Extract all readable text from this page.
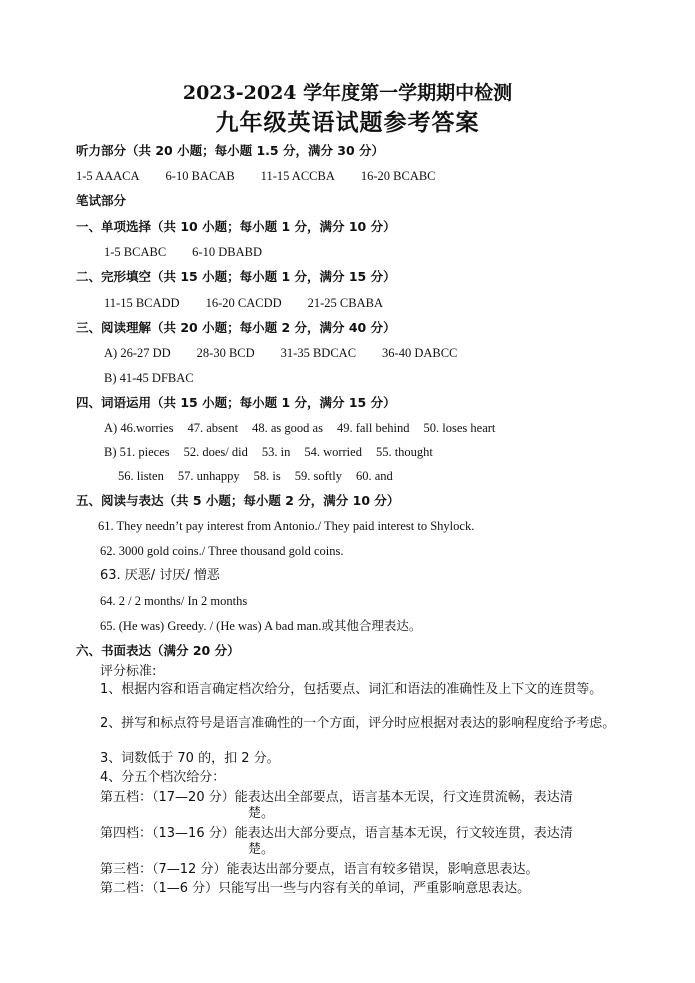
2023-2024 学年度第一学期期中检测
九年级英语试题参考答案
听力部分（共 20 小题；每小题 1.5 分，满分 30 分）
1-5 AAACA 6-10 BACAB 11-15 ACCBA 16-20 BCABC
笔试部分
一、单项选择（共 10 小题；每小题 1 分，满分 10 分）
1-5 BCABC 6-10 DBABD
二、完形填空（共 15 小题；每小题 1 分，满分 15 分）
11-15 BCADD 16-20 CACDD 21-25 CBABA
三、阅读理解（共 20 小题；每小题 2 分，满分 40 分）
A) 26-27 DD 28-30 BCD 31-35 BDCAC 36-40 DABCC
B) 41-45 DFBAC
四、词语运用（共 15 小题；每小题 1 分，满分 15 分）
A) 46.worries 47. absent 48. as good as 49. fall behind 50. loses heart
B) 51. pieces 52. does/ did 53. in 54. worried 55. thought
56. listen 57. unhappy 58. is 59. softly 60. and
五、阅读与表达（共 5 小题；每小题 2 分，满分 10 分）
61. They needn’t pay interest from Antonio./ They paid interest to Shylock.
62. 3000 gold coins./ Three thousand gold coins.
63. 厌恶/ 讨厌/ 憎恶
64. 2 / 2 months/ In 2 months
65. (He was) Greedy. / (He was) A bad man.或其他合理表达。
六、书面表达（满分 20 分）
评分标准:
1、根据内容和语言确定档次给分，包括要点、词汇和语法的准确性及上下文的连贯等。
2、拼写和标点符号是语言准确性的一个方面，评分时应根据对表达的影响程度给予考虑。
3、词数低于 70 的，扣 2 分。
4、分五个档次给分：
第五档：（17—20 分）能表达出全部要点，语言基本无误，行文连贯流畅，表达清
楚。
第四档：（13—16 分）能表达出大部分要点，语言基本无误，行文较连贯，表达清
楚。
第三档：（7—12 分）能表达出部分要点，语言有较多错误，影响意思表达。
第二档：（1—6 分）只能写出一些与内容有关的单词，严重影响意思表达。
